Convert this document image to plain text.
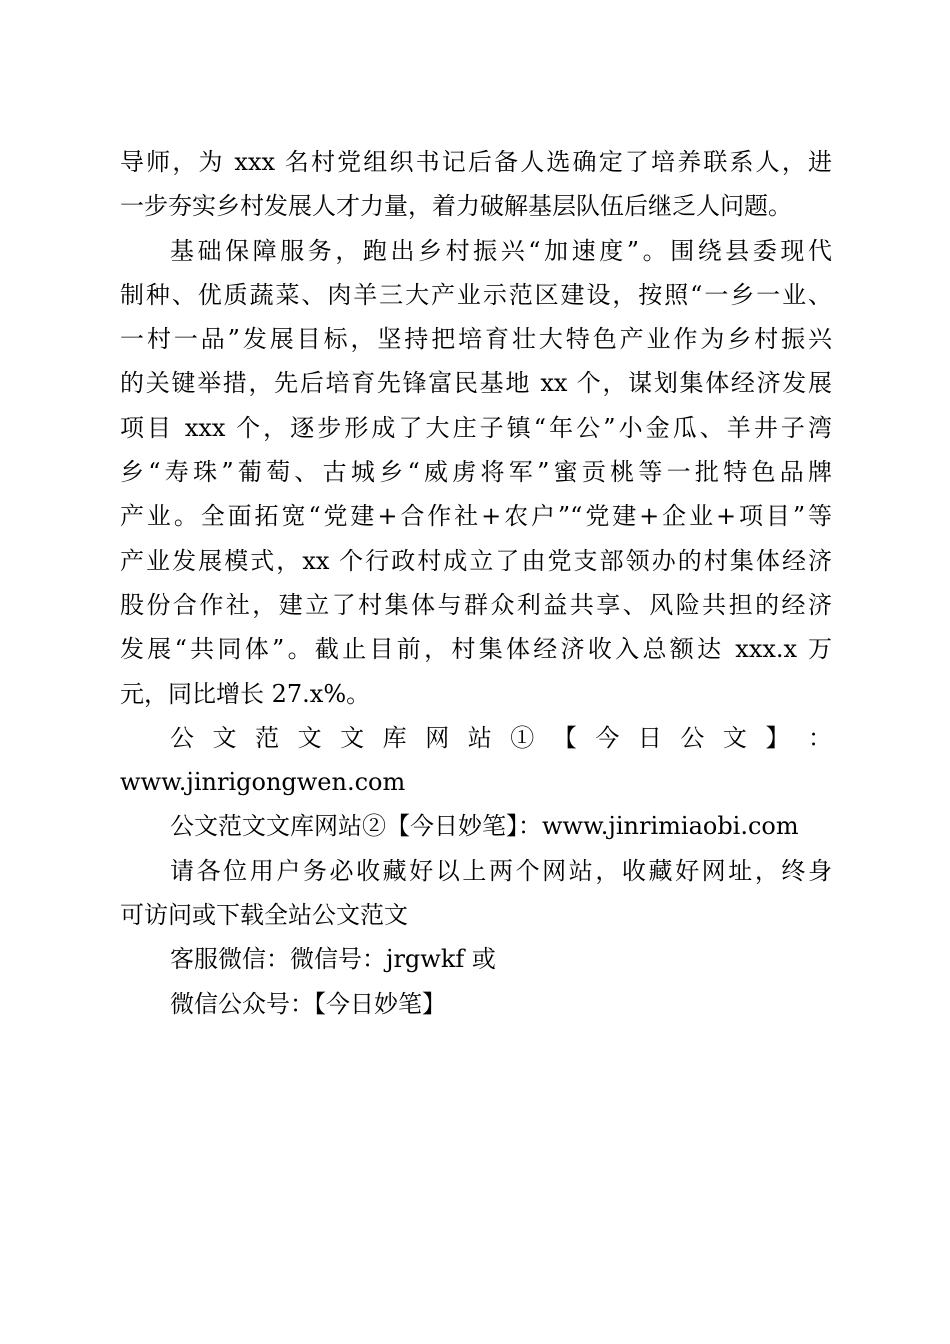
导师，为 xxx 名村党组织书记后备人选确定了培养联系人，进
一步夯实乡村发展人才力量，着力破解基层队伍后继乏人问题。
基础保障服务，跑出乡村振兴“加速度”。围绕县委现代
制种、优质蔬菜、肉羊三大产业示范区建设，按照“一乡一业、
一村一品”发展目标，坚持把培育壮大特色产业作为乡村振兴
的关键举措，先后培育先锋富民基地 xx 个，谋划集体经济发展
项目 xxx 个，逐步形成了大庄子镇“年公”小金瓜、羊井子湾
乡“寿珠”葡萄、古城乡“威虏将军”蜜贡桃等一批特色品牌
产业。全面拓宽“党建+合作社+农户”“党建+企业+项目”等
产业发展模式，xx 个行政村成立了由党支部领办的村集体经济
股份合作社，建立了村集体与群众利益共享、风险共担的经济
发展“共同体”。截止目前，村集体经济收入总额达 xxx.x 万
元，同比增长 27.x%。
公 文 范 文 文 库 网 站 ① 【 今 日 公 文 】 ：
www.jinrigongwen.com
公文范文文库网站②【今日妙笔】：www.jinrimiaobi.com
请各位用户务必收藏好以上两个网站，收藏好网址，终身
可访问或下载全站公文范文
客服微信：微信号：jrgwkf 或
微信公众号：【今日妙笔】
